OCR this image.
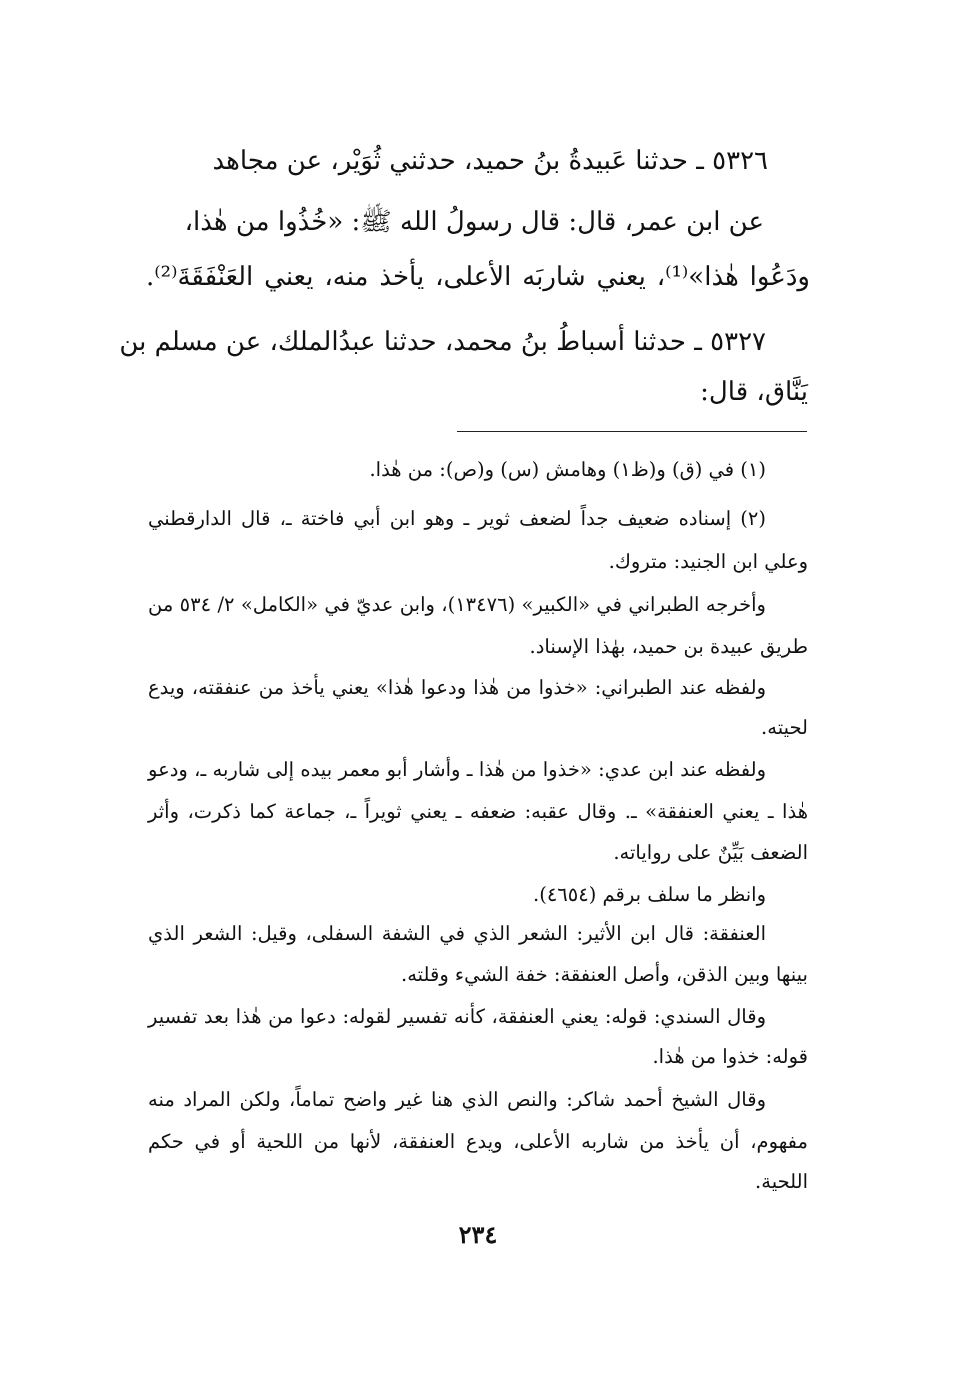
٥٣٢٦ ـ حدثنا عَبيدةُ بنُ حميد، حدثني ثُوَيْر، عن مجاهد

عن ابن عمر، قال: قال رسولُ الله ﷺ: «خُذُوا من هٰذا،

ودَعُوا هٰذا»⁽¹⁾، يعني شاربَه الأعلى، يأخذ منه، يعني العَنْفَقَةَ⁽²⁾.

٥٣٢٧ ـ حدثنا أسباطُ بنُ محمد، حدثنا عبدُالملك، عن مسلم بن

يَنَّاق، قال:

(١) في (ق) و(ظ١) وهامش (س) و(ص): من هٰذا.

(٢) إسناده ضعيف جداً لضعف ثوير ـ وهو ابن أبي فاختة ـ، قال الدارقطني

وعلي ابن الجنيد: متروك.

وأخرجه الطبراني في «الكبير» (١٣٤٧٦)، وابن عديّ في «الكامل» ٢/ ٥٣٤ من

طريق عبيدة بن حميد، بهٰذا الإسناد.

ولفظه عند الطبراني: «خذوا من هٰذا ودعوا هٰذا» يعني يأخذ من عنفقته، ويدع

لحيته.

ولفظه عند ابن عدي: «خذوا من هٰذا ـ وأشار أبو معمر بيده إلى شاربه ـ، ودعو

هٰذا ـ يعني العنفقة» ـ. وقال عقبه: ضعفه ـ يعني ثويراً ـ، جماعة كما ذكرت، وأثر

الضعف بَيِّنٌ على رواياته.

وانظر ما سلف برقم (٤٦٥٤).

العنفقة: قال ابن الأثير: الشعر الذي في الشفة السفلى، وقيل: الشعر الذي

بينها وبين الذقن، وأصل العنفقة: خفة الشيء وقلته.

وقال السندي: قوله: يعني العنفقة، كأنه تفسير لقوله: دعوا من هٰذا بعد تفسير

قوله: خذوا من هٰذا.

وقال الشيخ أحمد شاكر: والنص الذي هنا غير واضح تماماً، ولكن المراد منه

مفهوم، أن يأخذ من شاربه الأعلى، ويدع العنفقة، لأنها من اللحية أو في حكم

اللحية.

٢٣٤
